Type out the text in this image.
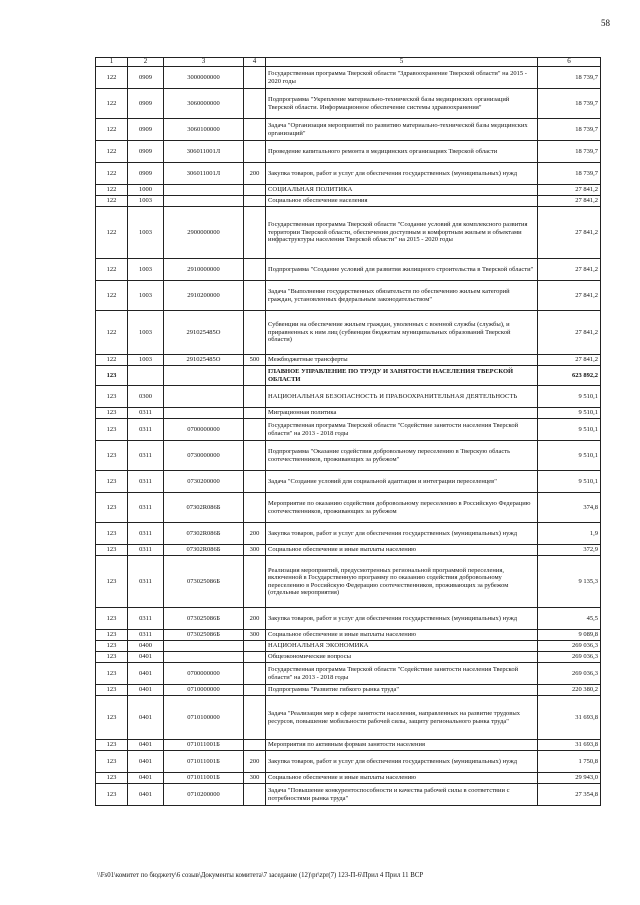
58
1	2	3	4	5	6
122	0909	3000000000		Государственная программа Тверской области "Здравоохранение Тверской области" на 2015 - 2020 годы	18 739,7
122	0909	3060000000		Подпрограмма "Укрепление материально-технической базы медицинских организаций Тверской области. Информационное обеспечение системы здравоохранения"	18 739,7
122	0909	3060100000		Задача "Организация мероприятий по развитию материально-технической базы медицинских организаций"	18 739,7
122	0909	306011001Л		Проведение капитального ремонта в медицинских организациях Тверской области	18 739,7
122	0909	306011001Л	200	Закупка товаров, работ и услуг для обеспечения государственных (муниципальных) нужд	18 739,7
122	1000			СОЦИАЛЬНАЯ ПОЛИТИКА	27 841,2
122	1003			Социальное обеспечение населения	27 841,2
122	1003	2900000000		Государственная программа Тверской области "Создание условий для комплексного развития территории Тверской области, обеспечения доступным и комфортным жильем и объектами инфраструктуры населения Тверской области" на 2015 - 2020 годы	27 841,2
122	1003	2910000000		Подпрограмма "Создание условий для развития жилищного строительства в Тверской области"	27 841,2
122	1003	2910200000		Задача "Выполнение государственных обязательств по обеспечению жильем категорий граждан, установленных федеральным законодательством"	27 841,2
122	1003	291025485О		Субвенции на обеспечение жильем граждан, уволенных с военной службы (службы), и приравненных к ним лиц (субвенции бюджетам муниципальных образований Тверской области)	27 841,2
122	1003	291025485О	500	Межбюджетные трансферты	27 841,2
123				ГЛАВНОЕ УПРАВЛЕНИЕ ПО ТРУДУ И ЗАНЯТОСТИ НАСЕЛЕНИЯ ТВЕРСКОЙ ОБЛАСТИ	623 892,2
123	0300			НАЦИОНАЛЬНАЯ БЕЗОПАСНОСТЬ И ПРАВООХРАНИТЕЛЬНАЯ ДЕЯТЕЛЬНОСТЬ	9 510,1
123	0311			Миграционная политика	9 510,1
123	0311	0700000000		Государственная программа Тверской области "Содействие занятости населения Тверской области" на 2013 - 2018 годы	9 510,1
123	0311	0730000000		Подпрограмма "Оказание содействия добровольному переселению в Тверскую область соотечественников, проживающих за рубежом"	9 510,1
123	0311	0730200000		Задача "Создание условий для социальной адаптации и интеграции переселенцев"	9 510,1
123	0311	07302R086Б		Мероприятие по оказанию содействия добровольному переселению в Российскую Федерацию соотечественников, проживающих за рубежом	374,8
123	0311	07302R086Б	200	Закупка товаров, работ и услуг для обеспечения государственных (муниципальных) нужд	1,9
123	0311	07302R086Б	300	Социальное обеспечение и иные выплаты населению	372,9
123	0311	073025086Б		Реализация мероприятий, предусмотренных региональной программой переселения, включенной в Государственную программу по оказанию содействия добровольному переселению в Российскую Федерацию соотечественников, проживающих за рубежом (отдельные мероприятия)	9 135,3
123	0311	073025086Б	200	Закупка товаров, работ и услуг для обеспечения государственных (муниципальных) нужд	45,5
123	0311	073025086Б	300	Социальное обеспечение и иные выплаты населению	9 089,8
123	0400			НАЦИОНАЛЬНАЯ ЭКОНОМИКА	269 036,3
123	0401			Общеэкономические вопросы	269 036,3
123	0401	0700000000		Государственная программа Тверской области "Содействие занятости населения Тверской области" на 2013 - 2018 годы	269 036,3
123	0401	0710000000		Подпрограмма "Развитие гибкого рынка труда"	220 380,2
123	0401	0710100000		Задача "Реализация мер в сфере занятости населения, направленных на развитие трудовых ресурсов, повышение мобильности рабочей силы, защиту регионального рынка труда"	31 693,8
123	0401	071011001Б		Мероприятия по активным формам занятости населения	31 693,8
123	0401	071011001Б	200	Закупка товаров, работ и услуг для обеспечения государственных (муниципальных) нужд	1 750,8
123	0401	071011001Б	300	Социальное обеспечение и иные выплаты населению	29 943,0
123	0401	0710200000		Задача "Повышение конкурентоспособности и качества рабочей силы в соответствии с потребностями рынка труда"	27 354,8
\\Fs01\комитет по бюджету\6 созыв\Документы комитета\7 заседание (12)\pr\zpr(7) 123-П-6\Прил 4 Прил 11 ВСР
